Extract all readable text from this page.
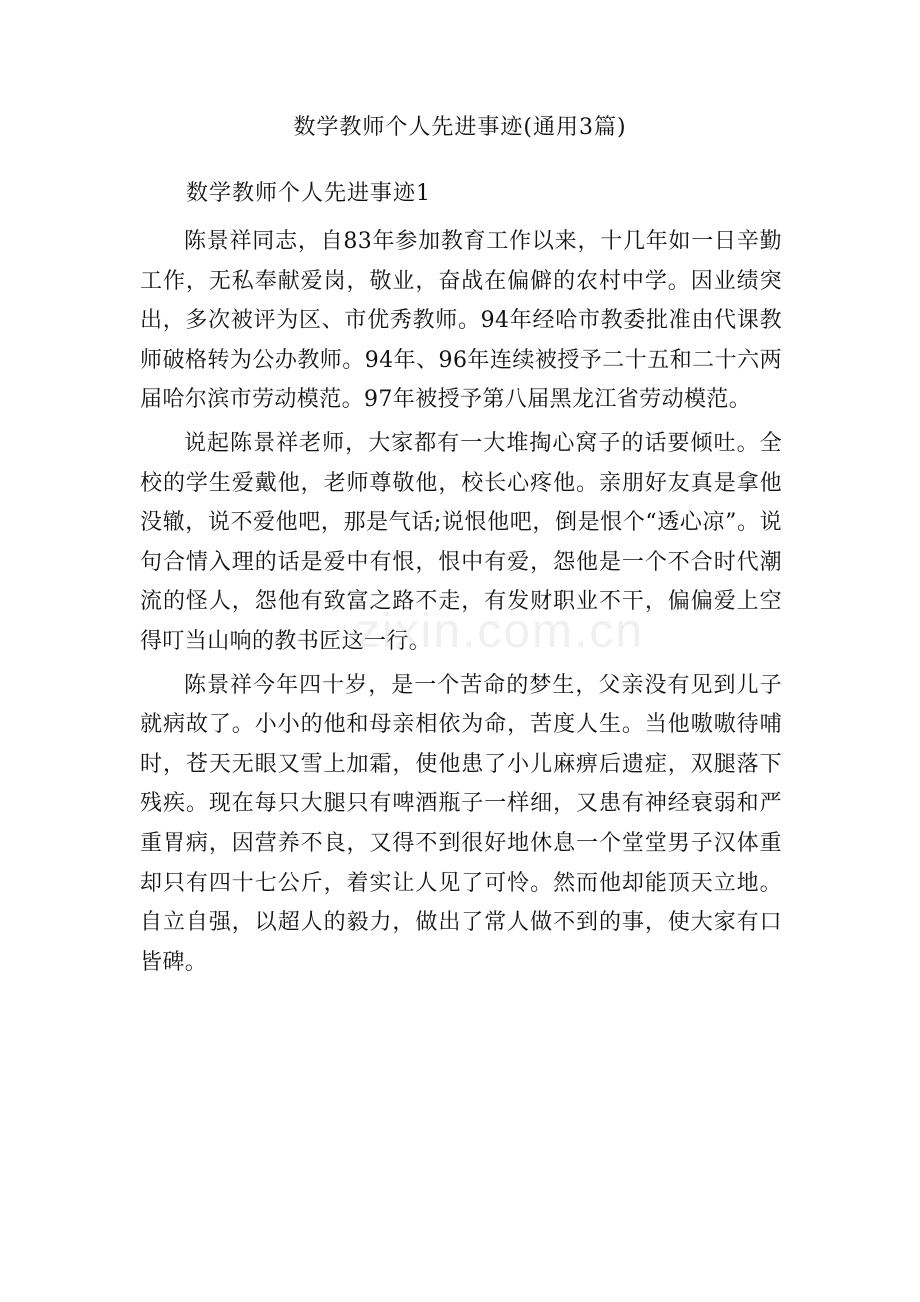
数学教师个人先进事迹(通用3篇)
数学教师个人先进事迹1

陈景祥同志，自83年参加教育工作以来，十几年如一日辛勤工作，无私奉献爱岗，敬业，奋战在偏僻的农村中学。因业绩突出，多次被评为区、市优秀教师。94年经哈市教委批准由代课教师破格转为公办教师。94年、96年连续被授予二十五和二十六两届哈尔滨市劳动模范。97年被授予第八届黑龙江省劳动模范。

说起陈景祥老师，大家都有一大堆掏心窝子的话要倾吐。全校的学生爱戴他，老师尊敬他，校长心疼他。亲朋好友真是拿他没辙，说不爱他吧，那是气话;说恨他吧，倒是恨个“透心凉”。说句合情入理的话是爱中有恨，恨中有爱，怨他是一个不合时代潮流的怪人，怨他有致富之路不走，有发财职业不干，偏偏爱上空得叮当山响的教书匠这一行。

陈景祥今年四十岁，是一个苦命的梦生，父亲没有见到儿子就病故了。小小的他和母亲相依为命，苦度人生。当他嗷嗷待哺时，苍天无眼又雪上加霜，使他患了小儿麻痹后遗症，双腿落下残疾。现在每只大腿只有啤酒瓶子一样细，又患有神经衰弱和严重胃病，因营养不良，又得不到很好地休息一个堂堂男子汉体重却只有四十七公斤，着实让人见了可怜。然而他却能顶天立地。自立自强，以超人的毅力，做出了常人做不到的事，使大家有口皆碑。

zixin.com.cn
